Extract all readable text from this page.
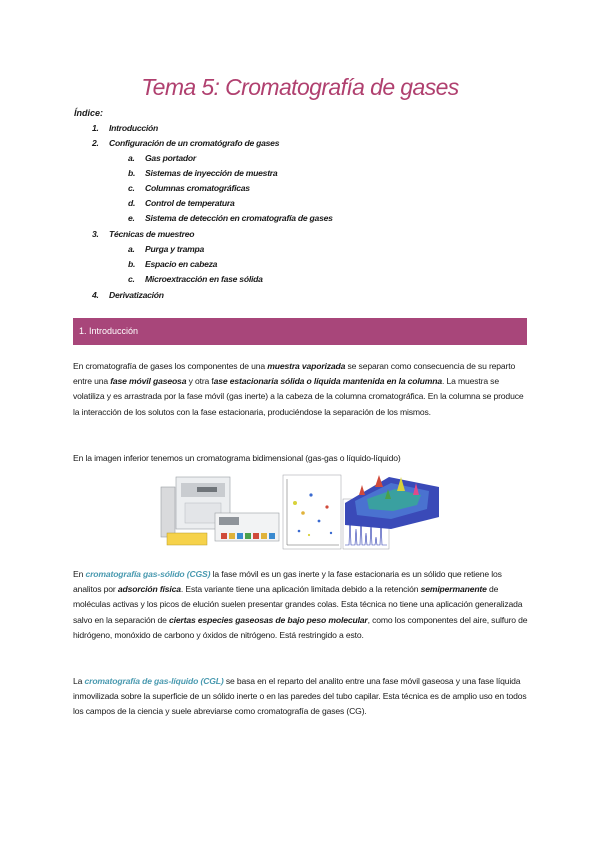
Tema 5: Cromatografía de gases
Índice:
1. Introducción
2. Configuración de un cromatógrafo de gases
a. Gas portador
b. Sistemas de inyección de muestra
c. Columnas cromatográficas
d. Control de temperatura
e. Sistema de detección en cromatografía de gases
3. Técnicas de muestreo
a. Purga y trampa
b. Espacio en cabeza
c. Microextracción en fase sólida
4. Derivatización
1. Introducción

En cromatografía de gases los componentes de una muestra vaporizada se separan como consecuencia de su reparto entre una fase móvil gaseosa y otra fase estacionaria sólida o líquida mantenida en la columna. La muestra se volatiliza y es arrastrada por la fase móvil (gas inerte) a la cabeza de la columna cromatográfica. En la columna se produce la interacción de los solutos con la fase estacionaria, produciéndose la separación de los mismos.

En la imagen inferior tenemos un cromatograma bidimensional (gas-gas o líquido-líquido)

En cromatografía gas-sólido (CGS) la fase móvil es un gas inerte y la fase estacionaria es un sólido que retiene los analitos por adsorción física. Esta variante tiene una aplicación limitada debido a la retención semipermanente de moléculas activas y los picos de elución suelen presentar grandes colas. Esta técnica no tiene una aplicación generalizada salvo en la separación de ciertas especies gaseosas de bajo peso molecular, como los componentes del aire, sulfuro de hidrógeno, monóxido de carbono y óxidos de nitrógeno. Está restringido a esto.

La cromatografía de gas-líquido (CGL) se basa en el reparto del analito entre una fase móvil gaseosa y una fase líquida inmovilizada sobre la superficie de un sólido inerte o en las paredes del tubo capilar. Esta técnica es de amplio uso en todos los campos de la ciencia y suele abreviarse como cromatografía de gases (CG).
